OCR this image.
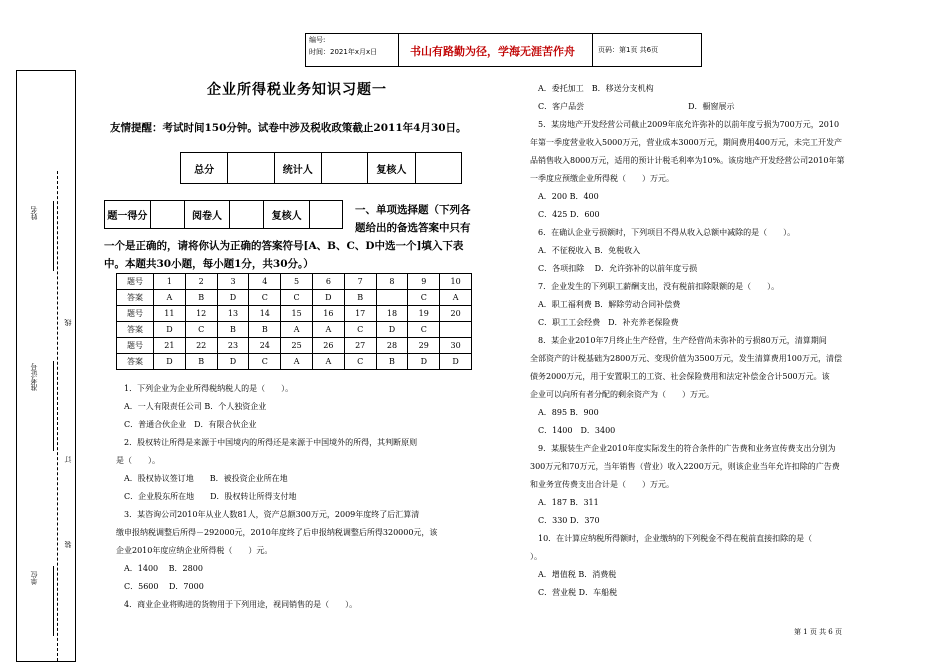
编号:
时间：2021年x月x日	书山有路勤为径，学海无涯苦作舟	页码：第1页 共6页
姓名
线
准考证号
订
装
单位
企业所得税业务知识习题一
友情提醒：考试时间150分钟。试卷中涉及税收政策截止2011年4月30日。
总分		统计人		复核人	
题一得分		阅卷人		复核人	
一、单项选择题（下列各
题给出的备选答案中只有
一个是正确的，请将你认为正确的答案符号[A、B、C、D中选一个]填入下表
中。本题共30小题，每小题1分，共30分。）
题号	1	2	3	4	5	6	7	8	9	10
答案	A	B	D	C	C	D	B		C	A
题号	11	12	13	14	15	16	17	18	19	20
答案	D	C	B	B	A	A	C	D	C	
题号	21	22	23	24	25	26	27	28	29	30
答案	D	B	D	C	A	A	C	B	D	D
1．下列企业为企业所得税纳税人的是（　　）。
A．一人有限责任公司 B．个人独资企业
C．普通合伙企业　D．有限合伙企业
2．股权转让所得是来源于中国境内的所得还是来源于中国境外的所得，其判断原则
是（　　）。
A．股权协议签订地　　B．被投资企业所在地
C．企业股东所在地　　D．股权转让所得支付地
3．某咨询公司2010年从业人数81人，资产总额300万元，2009年度终了后汇算清
缴申报纳税调整后所得－292000元，2010年度终了后申报纳税调整后所得320000元，该
企业2010年度应纳企业所得税（　　）元。
A．1400　 B．2800
C．5600　 D．7000
4．商业企业将购进的货物用于下列用途，视同销售的是（　　）。
A．委托加工　B．移送分支机构
C．客户品尝　　　　　　　　　　　　　D．橱窗展示
5．某房地产开发经营公司截止2009年底允许弥补的以前年度亏损为700万元，2010
年第一季度营业收入5000万元，营业成本3000万元，期间费用400万元，未完工开发产
品销售收入8000万元，适用的预计计税毛利率为10%。该房地产开发经营公司2010年第
一季度应预缴企业所得税（　　）万元。
A．200 B．400
C．425 D．600
6．在确认企业亏损额时，下列项目不得从收入总额中减除的是（　　）。
A．不征税收入 B．免税收入
C．各项扣除　 D．允许弥补的以前年度亏损
7．企业发生的下列职工薪酬支出，没有税前扣除限额的是（　　）。
A．职工福利费 B．解除劳动合同补偿费
C．职工工会经费　D．补充养老保险费
8．某企业2010年7月终止生产经营，生产经营尚未弥补的亏损80万元，清算期间
全部资产的计税基础为2800万元、变现价值为3500万元，发生清算费用100万元，清偿
债务2000万元，用于安置职工的工资、社会保险费用和法定补偿金合计500万元。该
企业可以向所有者分配的剩余资产为（　　）万元。
A．895 B．900
C．1400　D．3400
9．某服装生产企业2010年度实际发生的符合条件的广告费和业务宣传费支出分别为
300万元和70万元，当年销售（营业）收入2200万元，则该企业当年允许扣除的广告费
和业务宣传费支出合计是（　　）万元。
A．187 B．311
C．330 D．370
10．在计算应纳税所得额时，企业缴纳的下列税金不得在税前直接扣除的是（
）。
A．增值税 B．消费税
C．营业税 D．车船税
第 1 页 共 6 页
